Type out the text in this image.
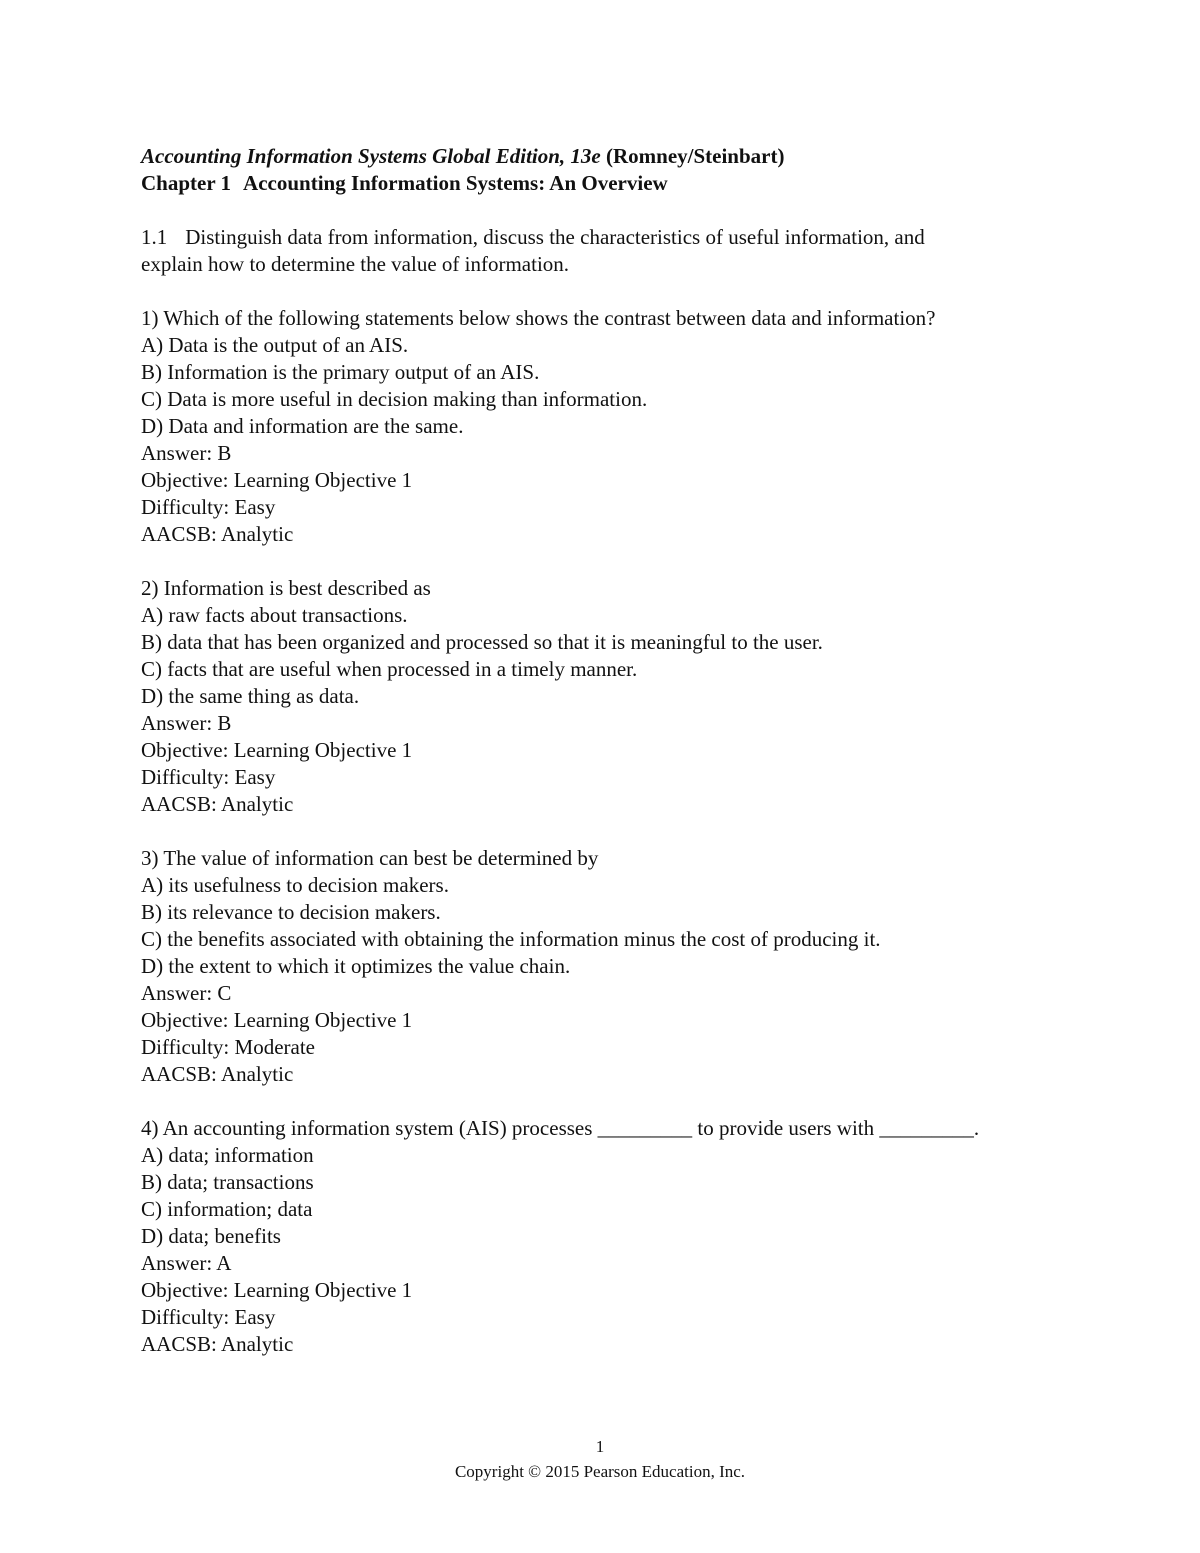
Accounting Information Systems Global Edition, 13e (Romney/Steinbart)
Chapter 1 Accounting Information Systems: An Overview
1.1 Distinguish data from information, discuss the characteristics of useful information, and
explain how to determine the value of information.
1) Which of the following statements below shows the contrast between data and information?
A) Data is the output of an AIS.
B) Information is the primary output of an AIS.
C) Data is more useful in decision making than information.
D) Data and information are the same.
Answer: B
Objective: Learning Objective 1
Difficulty: Easy
AACSB: Analytic
2) Information is best described as
A) raw facts about transactions.
B) data that has been organized and processed so that it is meaningful to the user.
C) facts that are useful when processed in a timely manner.
D) the same thing as data.
Answer: B
Objective: Learning Objective 1
Difficulty: Easy
AACSB: Analytic
3) The value of information can best be determined by
A) its usefulness to decision makers.
B) its relevance to decision makers.
C) the benefits associated with obtaining the information minus the cost of producing it.
D) the extent to which it optimizes the value chain.
Answer: C
Objective: Learning Objective 1
Difficulty: Moderate
AACSB: Analytic
4) An accounting information system (AIS) processes _________ to provide users with _________.
A) data; information
B) data; transactions
C) information; data
D) data; benefits
Answer: A
Objective: Learning Objective 1
Difficulty: Easy
AACSB: Analytic
1
Copyright © 2015 Pearson Education, Inc.
